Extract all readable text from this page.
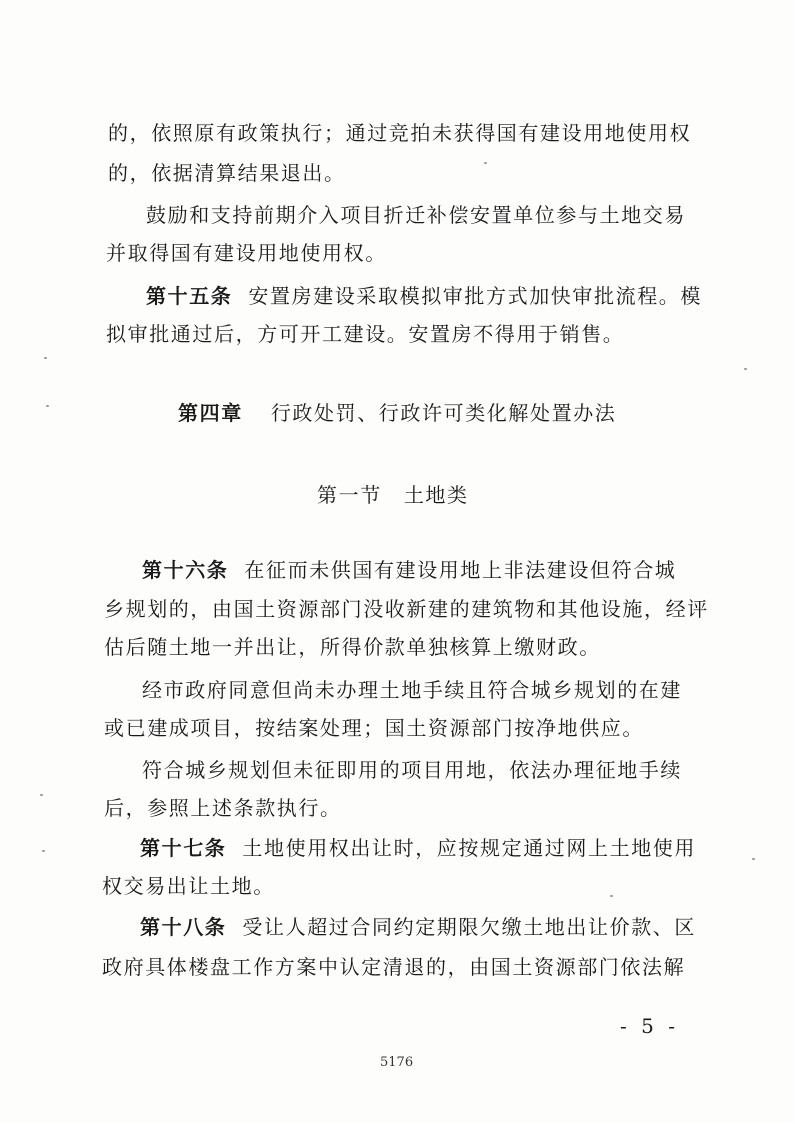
的，依照原有政策执行；通过竞拍未获得国有建设用地使用权
的，依据清算结果退出。
鼓励和支持前期介入项目折迁补偿安置单位参与土地交易
并取得国有建设用地使用权。
第十五条 安置房建设采取模拟审批方式加快审批流程。模
拟审批通过后，方可开工建设。安置房不得用于销售。
第四章 行政处罚、行政许可类化解处置办法
第一节 土地类
第十六条 在征而未供国有建设用地上非法建设但符合城
乡规划的，由国土资源部门没收新建的建筑物和其他设施，经评
估后随土地一并出让，所得价款单独核算上缴财政。
经市政府同意但尚未办理土地手续且符合城乡规划的在建
或已建成项目，按结案处理；国土资源部门按净地供应。
符合城乡规划但未征即用的项目用地，依法办理征地手续
后，参照上述条款执行。
第十七条 土地使用权出让时，应按规定通过网上土地使用
权交易出让土地。
第十八条 受让人超过合同约定期限欠缴土地出让价款、区
政府具体楼盘工作方案中认定清退的，由国土资源部门依法解
- 5 -
5176
